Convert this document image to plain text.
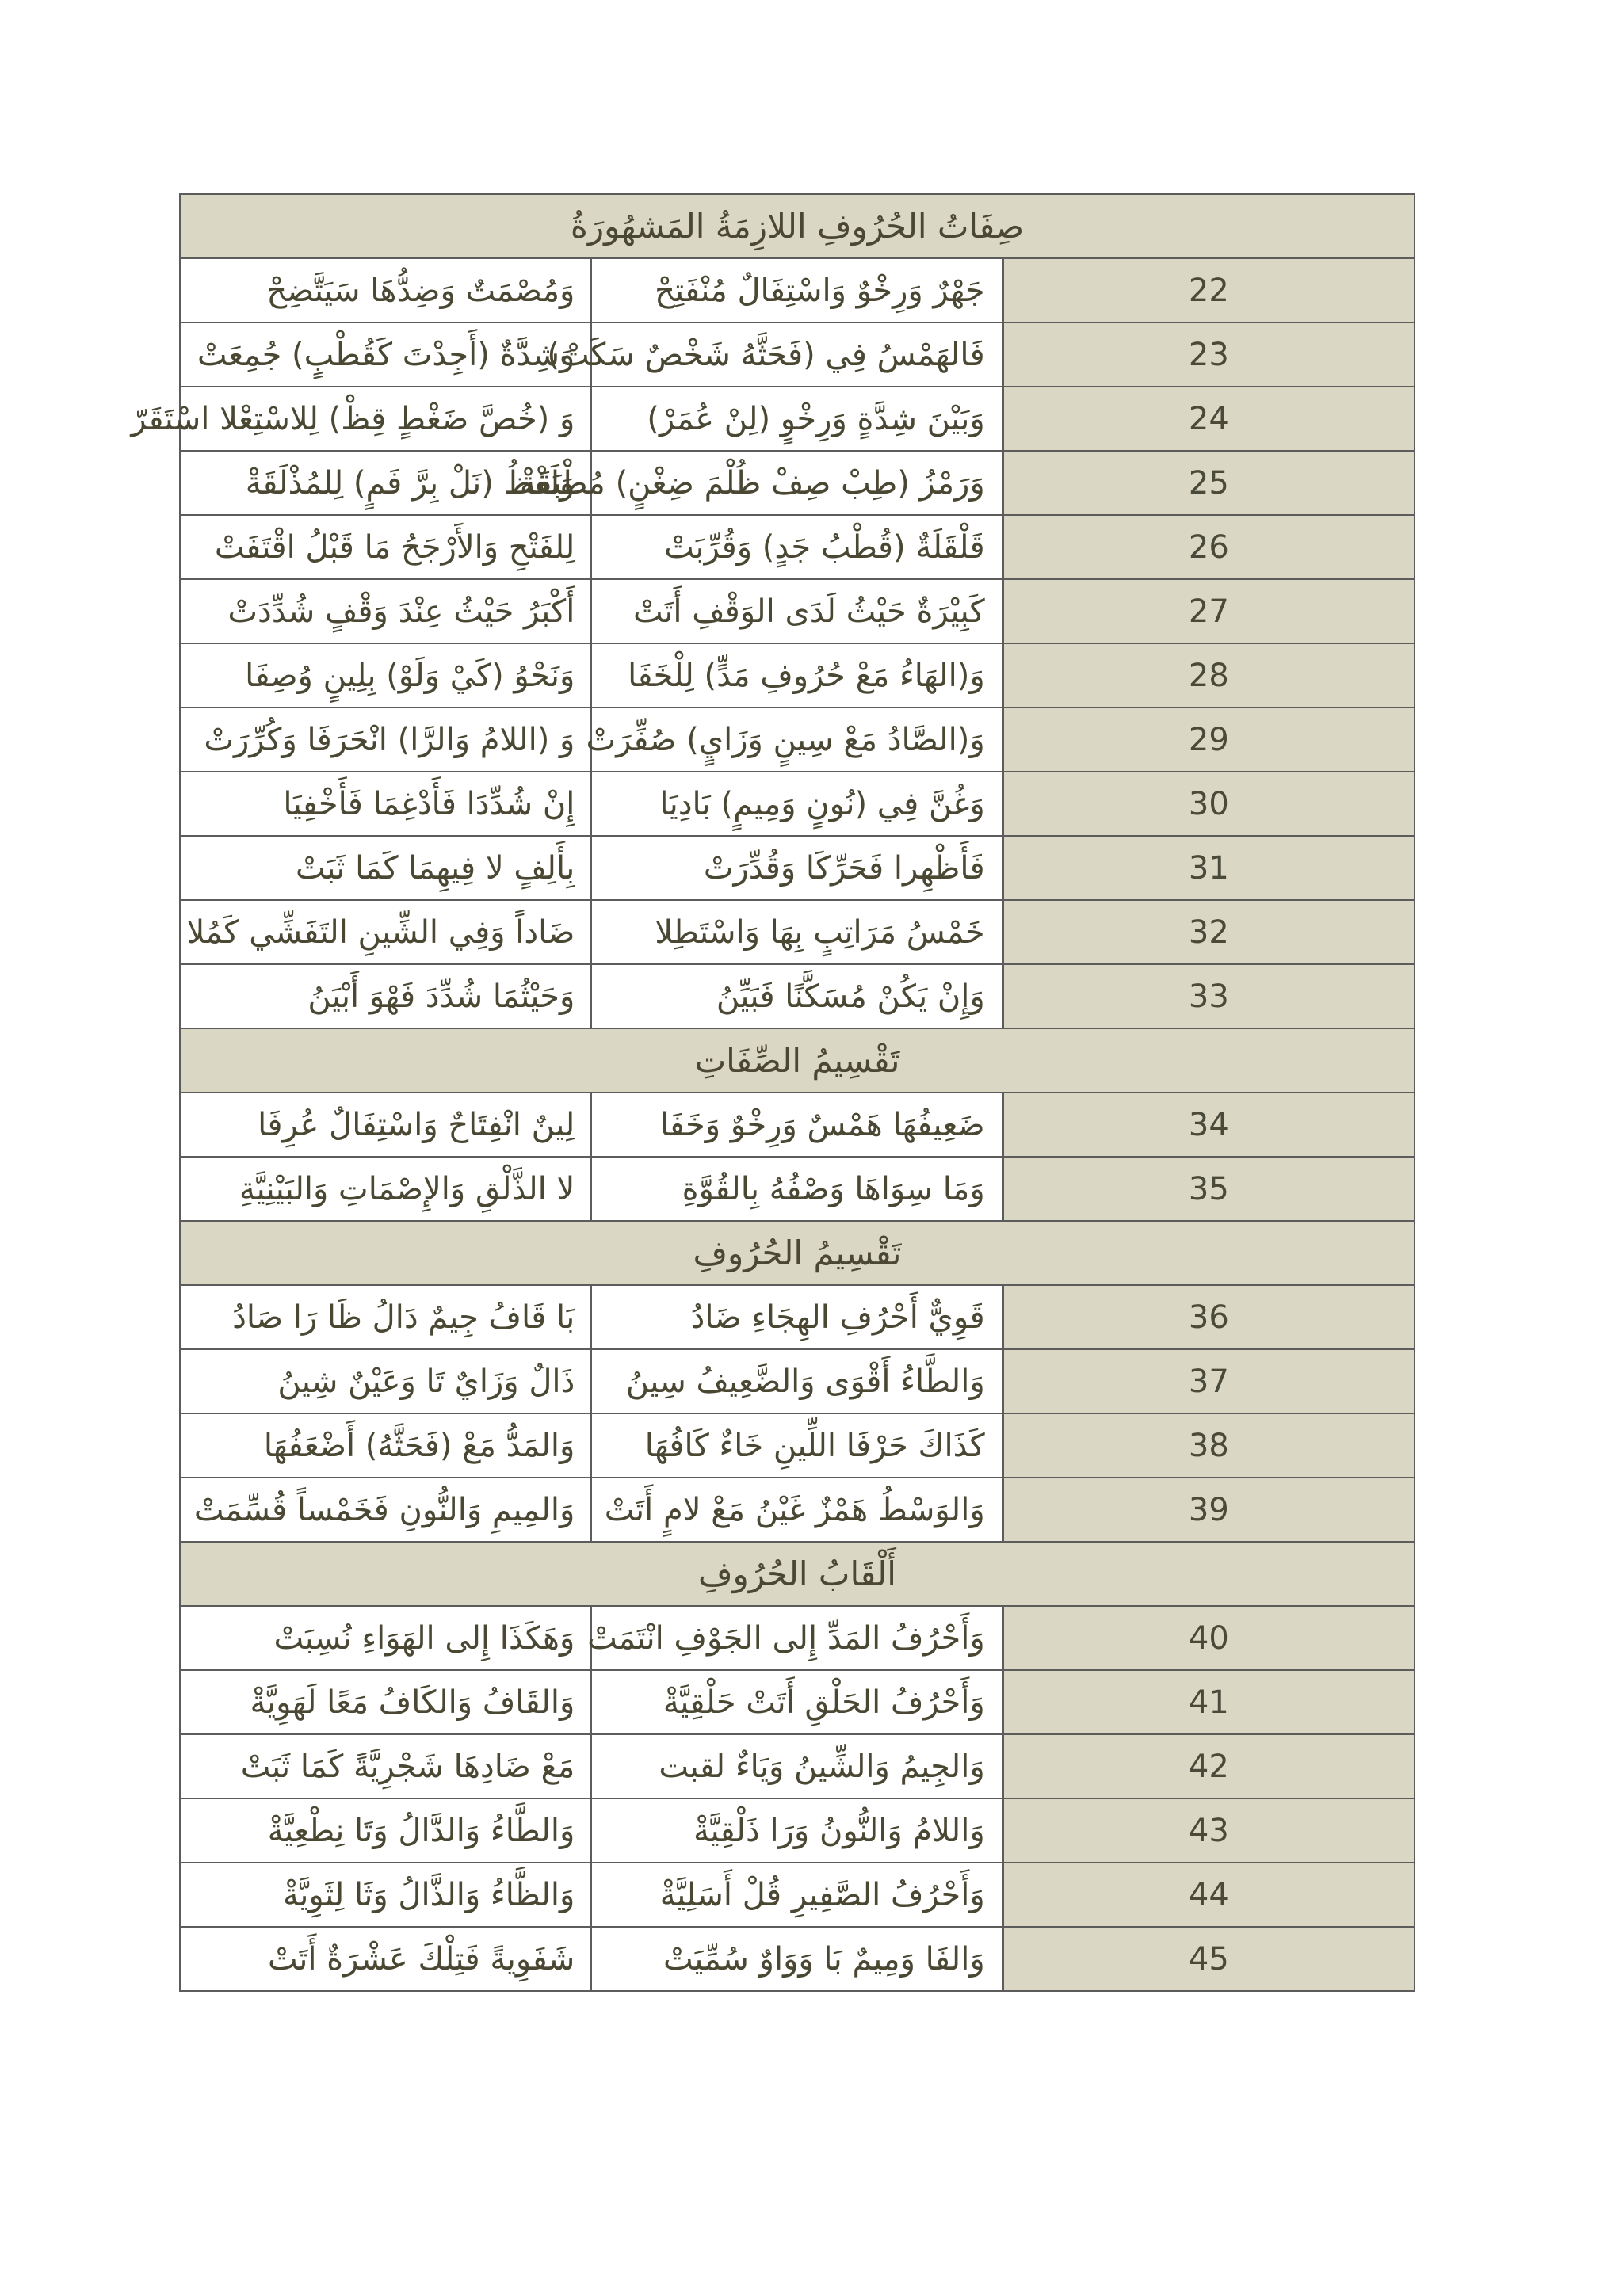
صِفَاتُ الحُرُوفِ اللازِمَةُ المَشهُورَةُ		
وَمُصْمَتٌ وَضِدُّهَا سَيَتَّضِحْ	جَهْرٌ وَرِخْوٌ وَاسْتِفَالٌ مُنْفَتِحْ	22
وَشِدَّةٌ (أَجِدْتَ كَقُطْبٍ) جُمِعَتْ	فَالهَمْسُ فِي (فَحَثَّهُ شَخْصٌ سَكَتْ)	23
وَ (خُصَّ ضَغْطٍ قِظْ) لِلاسْتِعْلا اسْتَقَرّ	وَبَيْنَ شِدَّةٍ وَرِخْوٍ (لِنْ عُمَرْ)	24
وَلَفْظُ (نَلْ بِرَّ فَمٍ) لِلمُذْلَقَةْ	وَرَمْزُ (طِبْ صِفْ ظُلْمَ ضِغْنٍ) مُطْبَقَةْ	25
لِلفَتْحِ وَالأَرْجَحُ مَا قَبْلُ اقْتَفَتْ	قَلْقَلَةٌ (قُطْبُ جَدٍ) وَقُرِّبَتْ	26
أَكْبَرُ حَيْثُ عِنْدَ وَقْفٍ شُدِّدَتْ	كَبِيْرَةٌ حَيْثُ لَدَى الوَقْفِ أَتَتْ	27
وَنَحْوُ (كَيْ وَلَوْ) بِلِينٍ وُصِفَا	وَ(الهَاءُ مَعْ حُرُوفِ مَدٍّ) لِلْخَفَا	28
وَ (اللامُ وَالرَّا) انْحَرَفَا وَكُرِّرَتْ	وَ(الصَّادُ مَعْ سِينٍ وَزَايٍ) صُفِّرَتْ	29
إِنْ شُدِّدَا فَأَدْغِمَا فَأَخْفِيَا	وَغُنَّ فِي (نُونٍ وَمِيمٍ) بَادِيَا	30
بِأَلِفٍ لا فِيهِمَا كَمَا ثَبَتْ	فَأَظْهِرا فَحَرِّكَا وَقُدِّرَتْ	31
ضَاداً وَفِي الشِّينِ التَفَشِّي كَمُلا	خَمْسُ مَرَاتِبٍ بِهَا وَاسْتَطِلا	32
وَحَيْثُمَا شُدِّدَ فَهْوَ أَبْيَنُ	وَإِنْ يَكُنْ مُسَكَّنًا فَبَيِّنُ	33
تَقْسِيمُ الصِّفَاتِ		
لِينٌ انْفِتَاحٌ وَاسْتِفَالٌ عُرِفَا	ضَعِيفُهَا هَمْسٌ وَرِخْوٌ وَخَفَا	34
لا الذَّلْقِ وَالإِصْمَاتِ وَالبَيْنِيَّةِ	وَمَا سِوَاهَا وَصْفُهُ بِالقُوَّةِ	35
تَقْسِيمُ الحُرُوفِ		
بَا قَافُ جِيمٌ دَالُ ظَا رَا صَادُ	قَوِيٌّ أَحْرُفِ الهِجَاءِ ضَادُ	36
ذَالٌ وَزَايٌ تَا وَعَيْنٌ شِينُ	وَالطَّاءُ أَقْوَى وَالضَّعِيفُ سِينُ	37
وَالمَدُّ مَعْ (فَحَثَّهُ) أَضْعَفُهَا	كَذَاكَ حَرْفَا اللِّينِ خَاءٌ كَافُهَا	38
وَالمِيمِ وَالنُّونِ فَخَمْساً قُسِّمَتْ	وَالوَسْطُ هَمْزٌ غَيْنُ مَعْ لامٍ أَتَتْ	39
أَلْقَابُ الحُرُوفِ		
وَهَكَذَا إِلى الهَوَاءِ نُسِبَتْ	وَأَحْرُفُ المَدِّ إِلى الجَوْفِ انْتَمَتْ	40
وَالقَافُ وَالكَافُ مَعًا لَهَوِيَّةْ	وَأَحْرُفُ الحَلْقِ أَتَتْ حَلْقِيَّةْ	41
مَعْ ضَادِهَا شَجْرِيَّةً كَمَا ثَبَتْ	وَالجِيمُ وَالشِّينُ وَيَاءٌ لقبت	42
وَالطَّاءُ وَالدَّالُ وَتَا نِطْعِيَّةْ	وَاللامُ وَالنُّونُ وَرَا ذَلْقِيَّةْ	43
وَالظَّاءُ وَالذَّالُ وَثَا لِثَوِيَّةْ	وَأَحْرُفُ الصَّفِيرِ قُلْ أَسَلِيَّةْ	44
شَفَوِيةً فَتِلْكَ عَشْرَةٌ أَتَتْ	وَالفَا وَمِيمٌ بَا وَوَاوٌ سُمِّيَتْ	45
